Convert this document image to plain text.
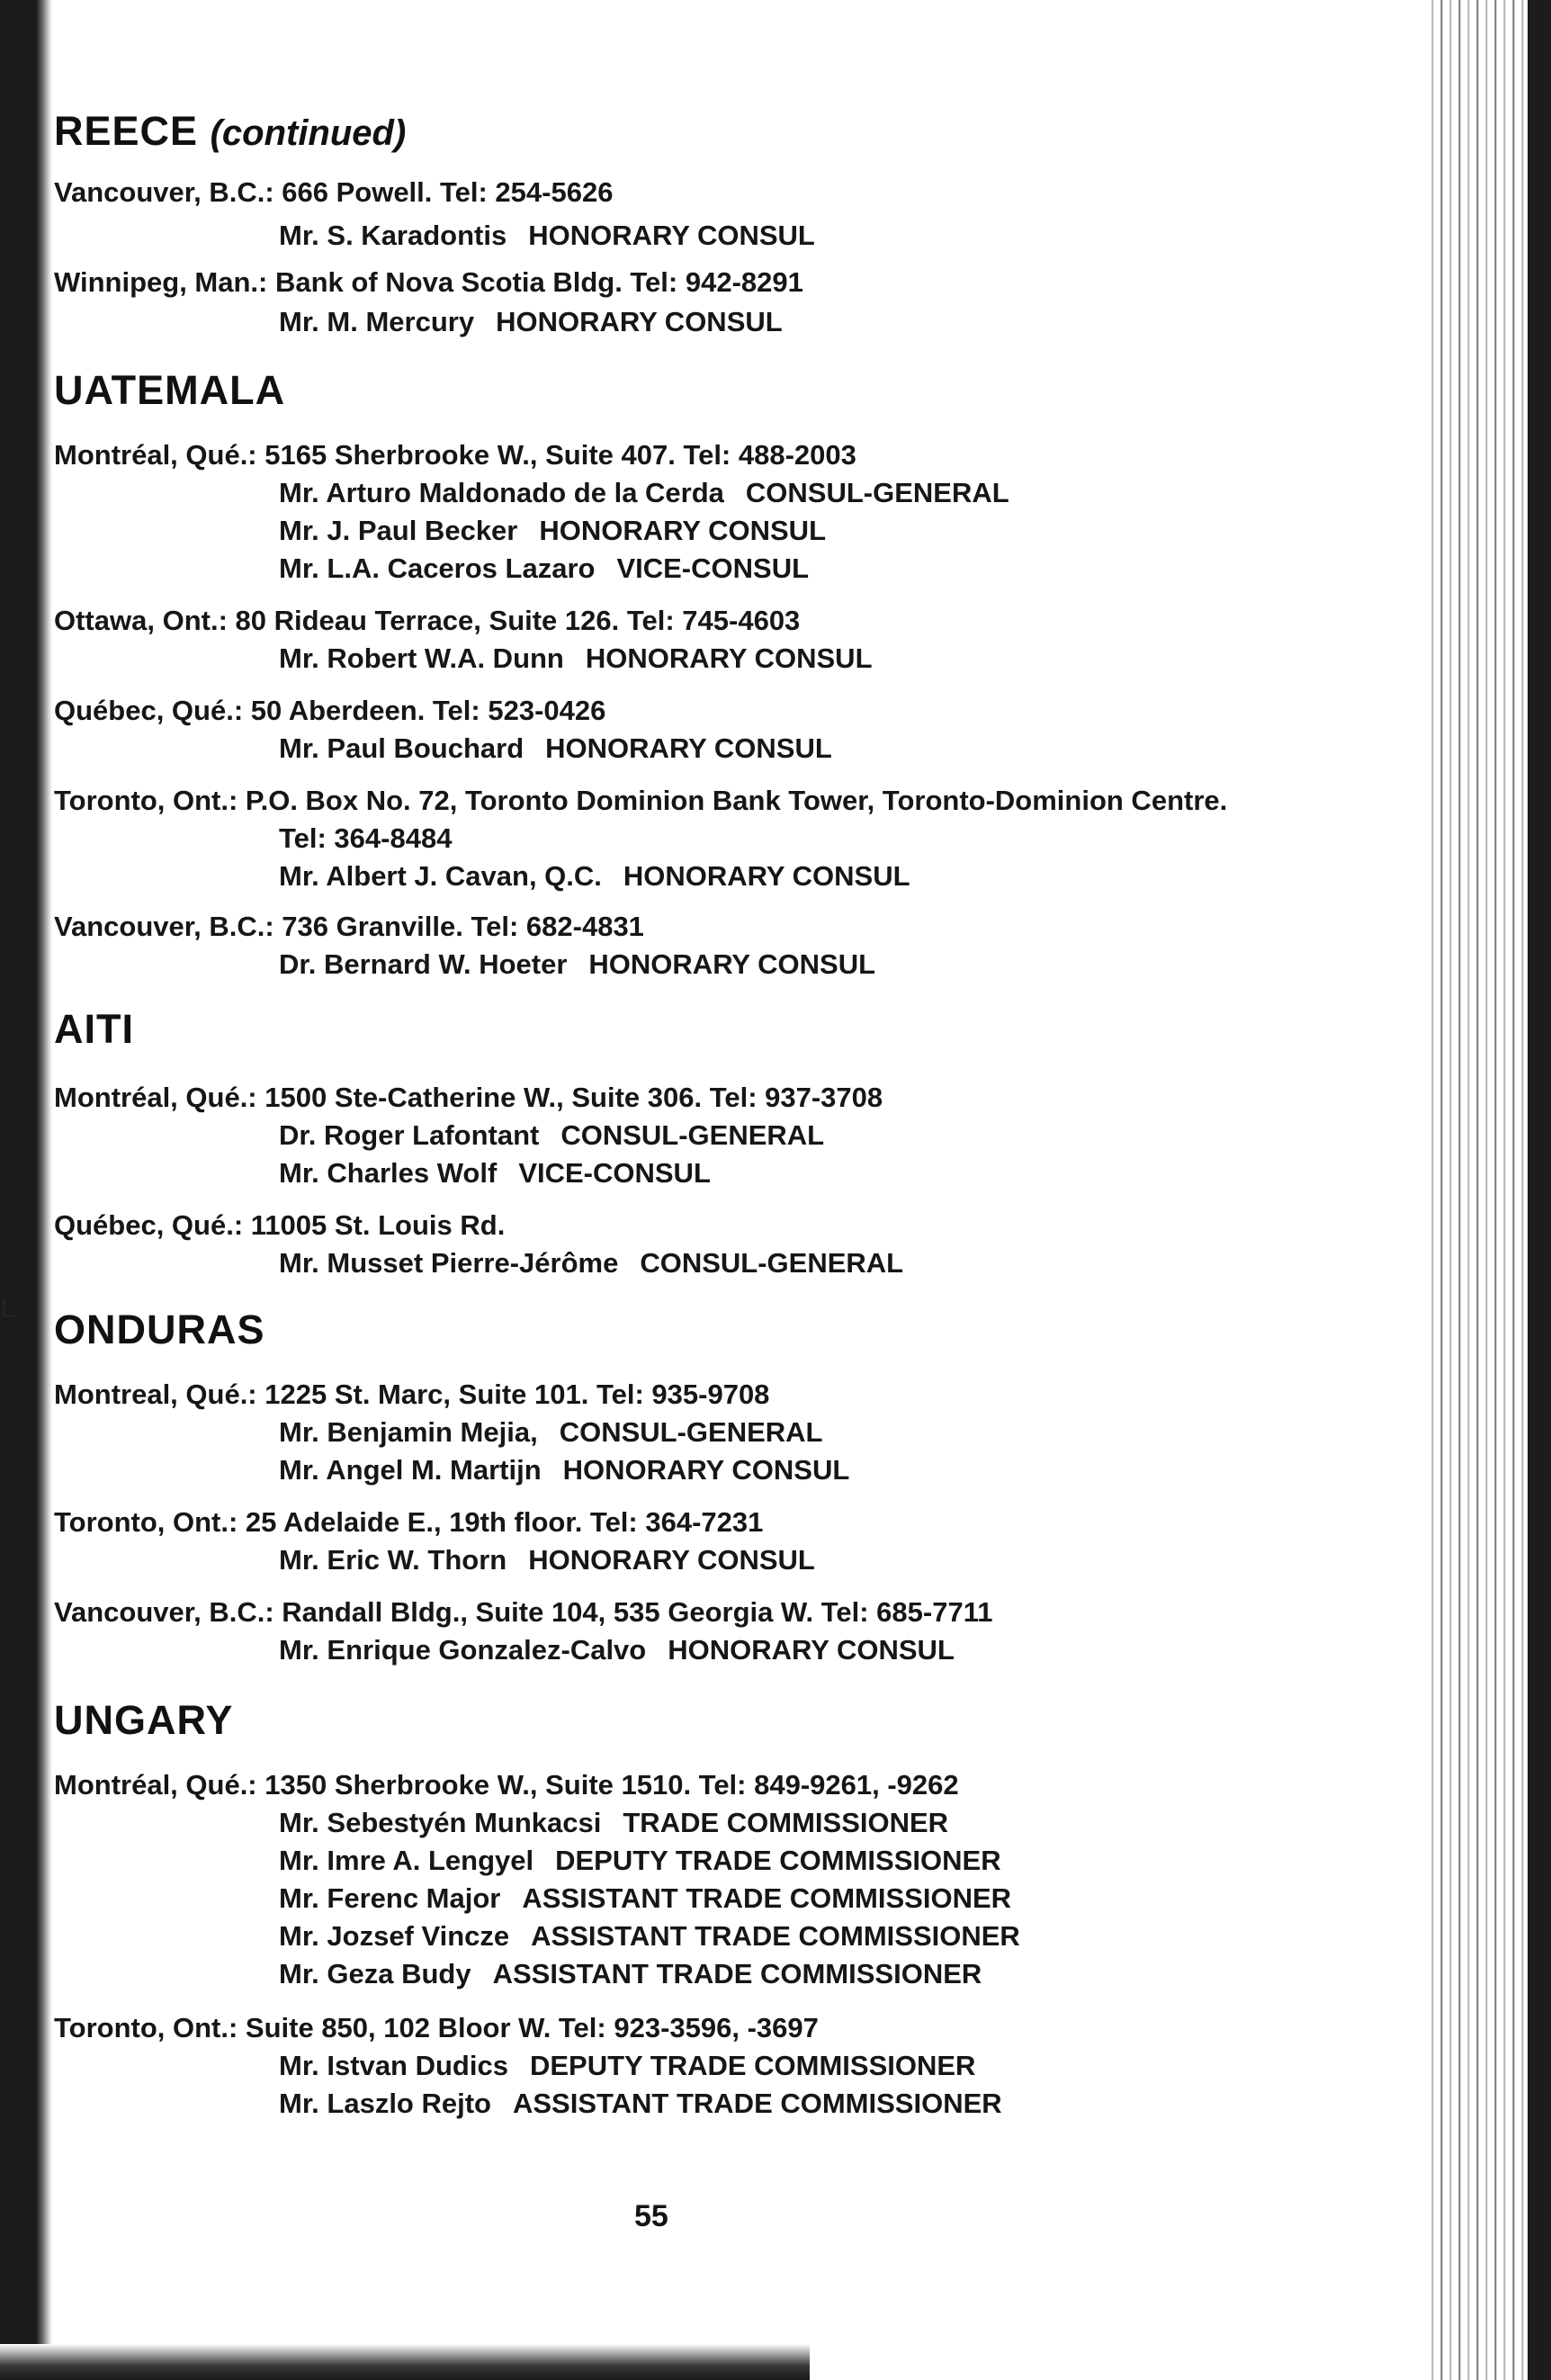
L
REECE (continued)
Vancouver, B.C.: 666 Powell. Tel: 254-5626
Mr. S. Karadontis HONORARY CONSUL
Winnipeg, Man.: Bank of Nova Scotia Bldg. Tel: 942-8291
Mr. M. Mercury HONORARY CONSUL
UATEMALA
Montréal, Qué.: 5165 Sherbrooke W., Suite 407. Tel: 488-2003
Mr. Arturo Maldonado de la Cerda CONSUL-GENERAL
Mr. J. Paul Becker HONORARY CONSUL
Mr. L.A. Caceros Lazaro VICE-CONSUL
Ottawa, Ont.: 80 Rideau Terrace, Suite 126. Tel: 745-4603
Mr. Robert W.A. Dunn HONORARY CONSUL
Québec, Qué.: 50 Aberdeen. Tel: 523-0426
Mr. Paul Bouchard HONORARY CONSUL
Toronto, Ont.: P.O. Box No. 72, Toronto Dominion Bank Tower, Toronto-Dominion Centre.
Tel: 364-8484
Mr. Albert J. Cavan, Q.C. HONORARY CONSUL
Vancouver, B.C.: 736 Granville. Tel: 682-4831
Dr. Bernard W. Hoeter HONORARY CONSUL
AITI
Montréal, Qué.: 1500 Ste-Catherine W., Suite 306. Tel: 937-3708
Dr. Roger Lafontant CONSUL-GENERAL
Mr. Charles Wolf VICE-CONSUL
Québec, Qué.: 11005 St. Louis Rd.
Mr. Musset Pierre-Jérôme CONSUL-GENERAL
ONDURAS
Montreal, Qué.: 1225 St. Marc, Suite 101. Tel: 935-9708
Mr. Benjamin Mejia, CONSUL-GENERAL
Mr. Angel M. Martijn HONORARY CONSUL
Toronto, Ont.: 25 Adelaide E., 19th floor. Tel: 364-7231
Mr. Eric W. Thorn HONORARY CONSUL
Vancouver, B.C.: Randall Bldg., Suite 104, 535 Georgia W. Tel: 685-7711
Mr. Enrique Gonzalez-Calvo HONORARY CONSUL
UNGARY
Montréal, Qué.: 1350 Sherbrooke W., Suite 1510. Tel: 849-9261, -9262
Mr. Sebestyén Munkacsi TRADE COMMISSIONER
Mr. Imre A. Lengyel DEPUTY TRADE COMMISSIONER
Mr. Ferenc Major ASSISTANT TRADE COMMISSIONER
Mr. Jozsef Vincze ASSISTANT TRADE COMMISSIONER
Mr. Geza Budy ASSISTANT TRADE COMMISSIONER
Toronto, Ont.: Suite 850, 102 Bloor W. Tel: 923-3596, -3697
Mr. Istvan Dudics DEPUTY TRADE COMMISSIONER
Mr. Laszlo Rejto ASSISTANT TRADE COMMISSIONER
55
